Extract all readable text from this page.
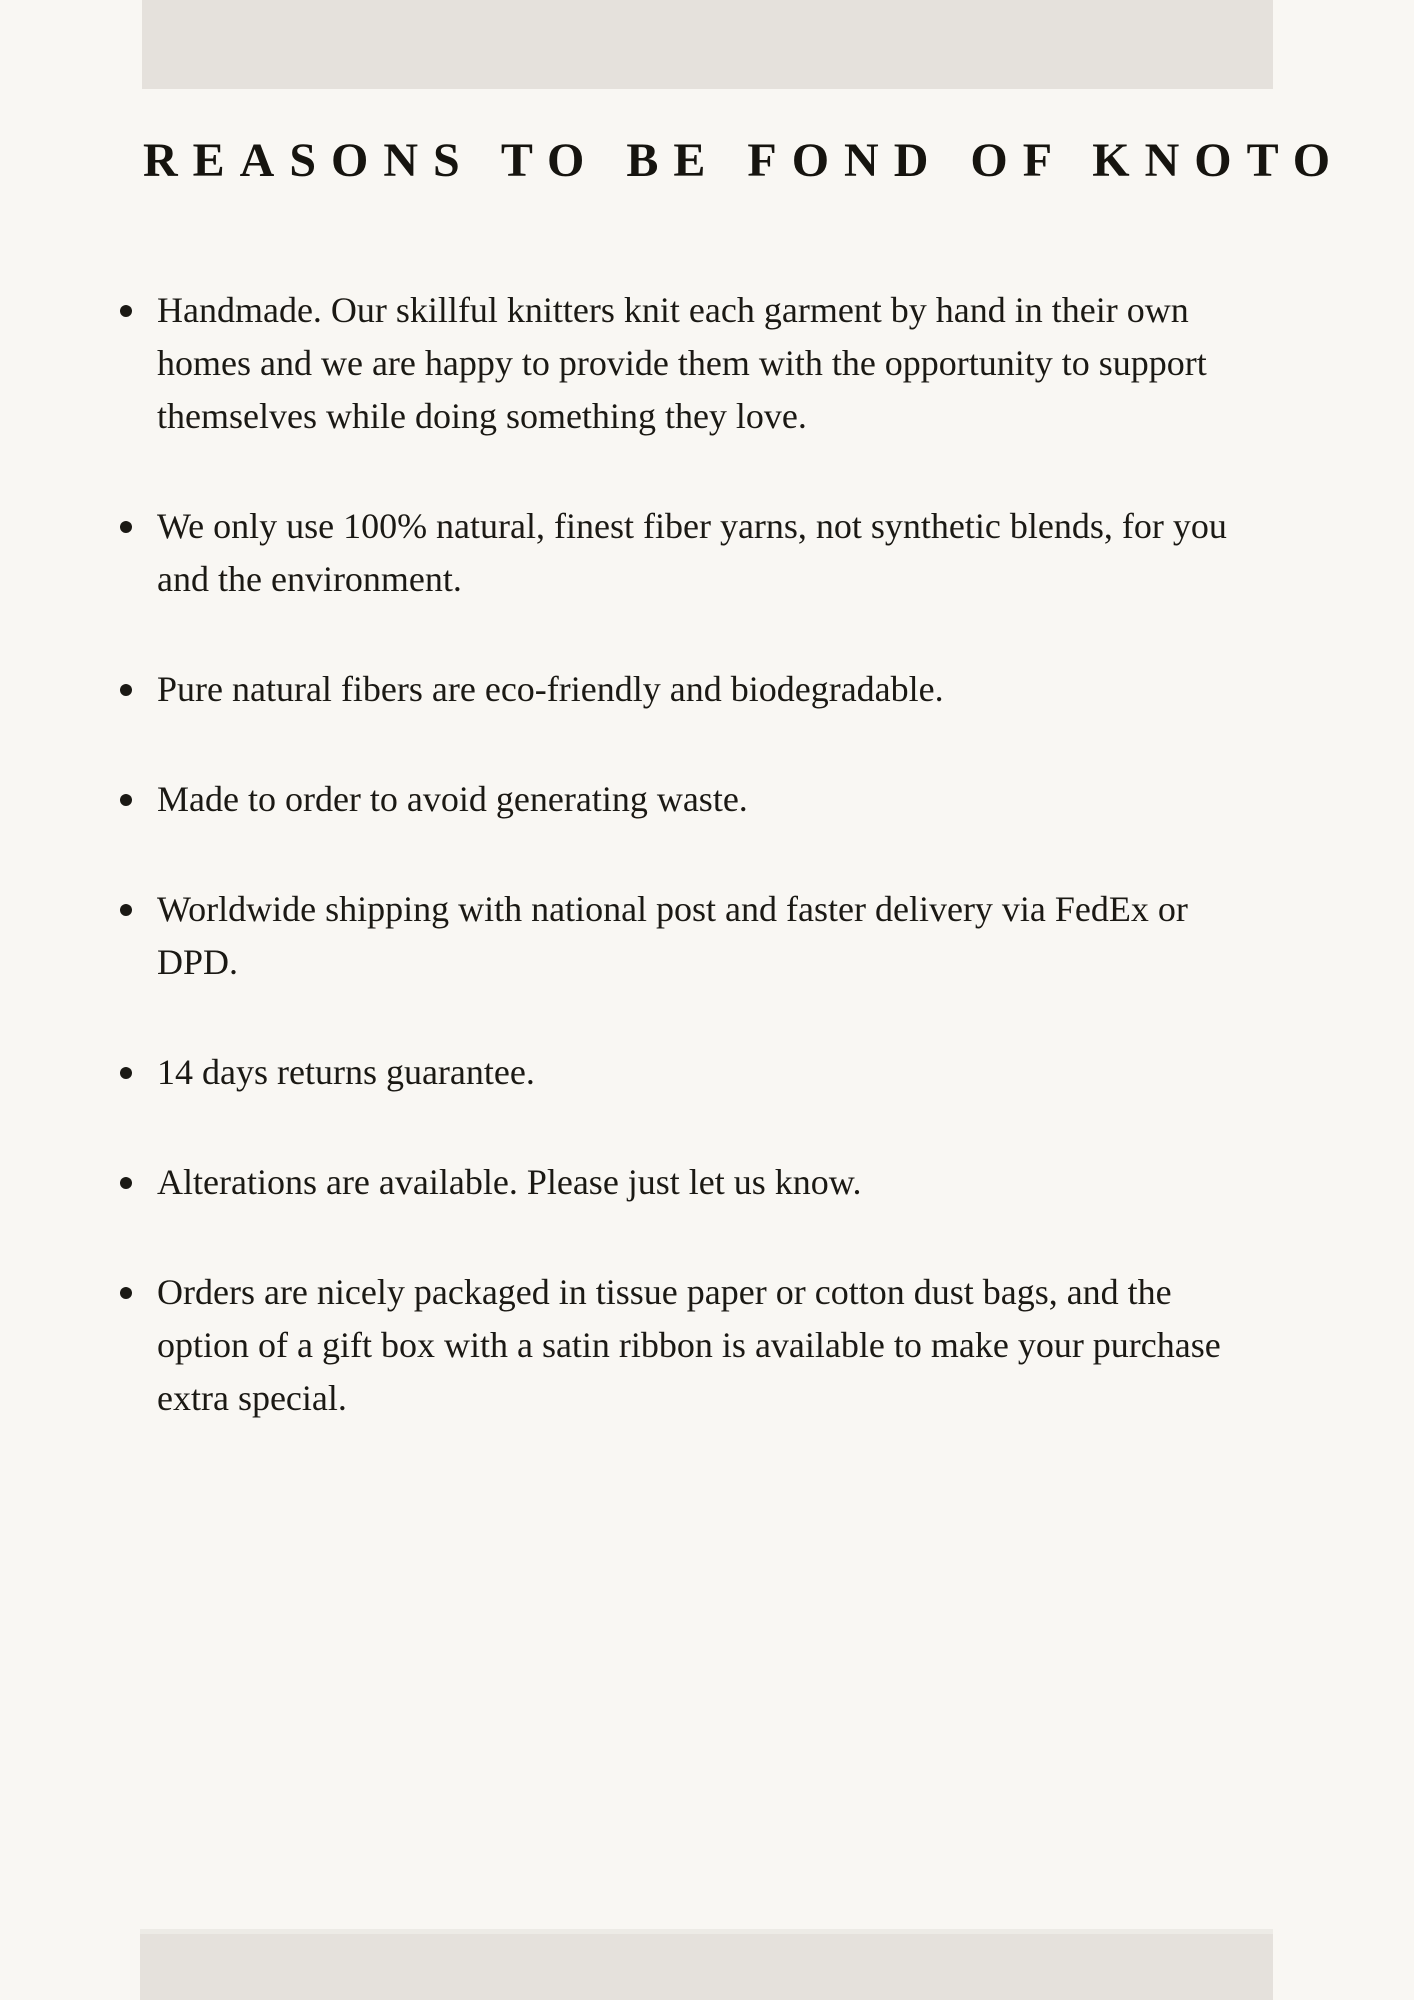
REASONS TO BE FOND OF KNOTO
Handmade. Our skillful knitters knit each garment by hand in their own homes and we are happy to provide them with the opportunity to support themselves while doing something they love.
We only use 100% natural, finest fiber yarns, not synthetic blends, for you and the environment.
Pure natural fibers are eco-friendly and biodegradable.
Made to order to avoid generating waste.
Worldwide shipping with national post and faster delivery via FedEx or DPD.
14 days returns guarantee.
Alterations are available. Please just let us know.
Orders are nicely packaged in tissue paper or cotton dust bags, and the option of a gift box with a satin ribbon is available to make your purchase extra special.
